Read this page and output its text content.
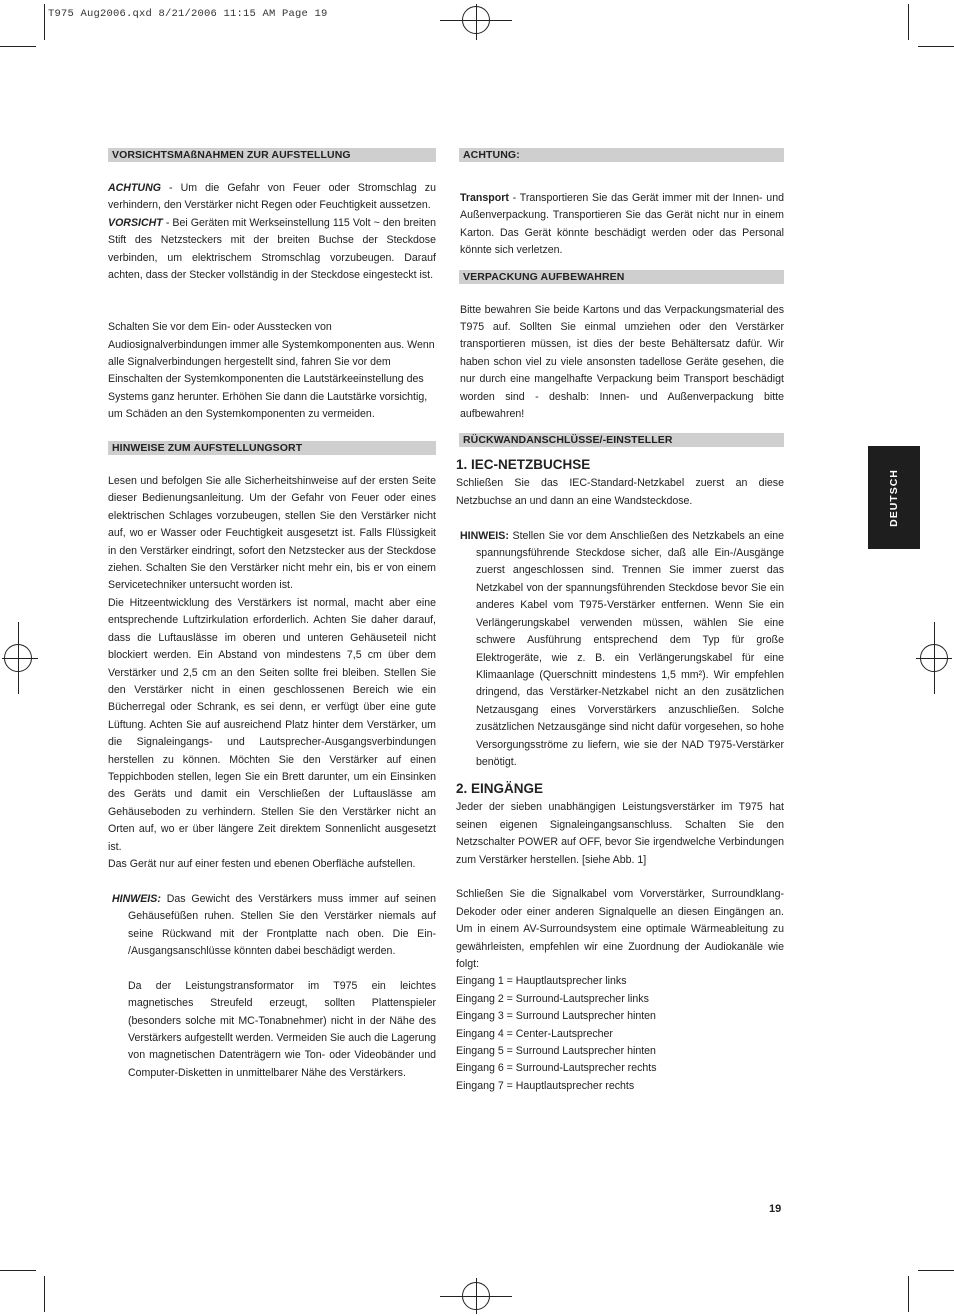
T975 Aug2006.qxd 8/21/2006 11:15 AM Page 19
VORSICHTSMAßNAHMEN ZUR AUFSTELLUNG

ACHTUNG - Um die Gefahr von Feuer oder Stromschlag zu verhindern, den Verstärker nicht Regen oder Feuchtigkeit aussetzen.

VORSICHT - Bei Geräten mit Werkseinstellung 115 Volt ~ den breiten Stift des Netzsteckers mit der breiten Buchse der Steckdose verbinden, um elektrischem Stromschlag vorzubeugen. Darauf achten, dass der Stecker vollständig in der Steckdose eingesteckt ist.

Schalten Sie vor dem Ein- oder Ausstecken von Audiosignalverbindungen immer alle Systemkomponenten aus. Wenn alle Signalverbindungen hergestellt sind, fahren Sie vor dem Einschalten der Systemkomponenten die Lautstärkeeinstellung des Systems ganz herunter. Erhöhen Sie dann die Lautstärke vorsichtig, um Schäden an den Systemkomponenten zu vermeiden.

HINWEISE ZUM AUFSTELLUNGSORT

Lesen und befolgen Sie alle Sicherheitshinweise auf der ersten Seite dieser Bedienungsanleitung. Um der Gefahr von Feuer oder eines elektrischen Schlages vorzubeugen, stellen Sie den Verstärker nicht auf, wo er Wasser oder Feuchtigkeit ausgesetzt ist. Falls Flüssigkeit in den Verstärker eindringt, sofort den Netzstecker aus der Steckdose ziehen. Schalten Sie den Verstärker nicht mehr ein, bis er von einem Servicetechniker untersucht worden ist.

Die Hitzeentwicklung des Verstärkers ist normal, macht aber eine entsprechende Luftzirkulation erforderlich. Achten Sie daher darauf, dass die Luftauslässe im oberen und unteren Gehäuseteil nicht blockiert werden. Ein Abstand von mindestens 7,5 cm über dem Verstärker und 2,5 cm an den Seiten sollte frei bleiben. Stellen Sie den Verstärker nicht in einen geschlossenen Bereich wie ein Bücherregal oder Schrank, es sei denn, er verfügt über eine gute Lüftung. Achten Sie auf ausreichend Platz hinter dem Verstärker, um die Signaleingangs- und Lautsprecher-Ausgangsverbindungen herstellen zu können. Möchten Sie den Verstärker auf einen Teppichboden stellen, legen Sie ein Brett darunter, um ein Einsinken des Geräts und damit ein Verschließen der Luftauslässe am Gehäuseboden zu verhindern. Stellen Sie den Verstärker nicht an Orten auf, wo er über längere Zeit direktem Sonnenlicht ausgesetzt ist.

Das Gerät nur auf einer festen und ebenen Oberfläche aufstellen.

HINWEIS: Das Gewicht des Verstärkers muss immer auf seinen Gehäusefüßen ruhen. Stellen Sie den Verstärker niemals auf seine Rückwand mit der Frontplatte nach oben. Die Ein- /Ausgangsanschlüsse könnten dabei beschädigt werden.

Da der Leistungstransformator im T975 ein leichtes magnetisches Streufeld erzeugt, sollten Plattenspieler (besonders solche mit MC-Tonabnehmer) nicht in der Nähe des Verstärkers aufgestellt werden. Vermeiden Sie auch die Lagerung von magnetischen Datenträgern wie Ton- oder Videobänder und Computer-Disketten in unmittelbarer Nähe des Verstärkers.

ACHTUNG:

Transport - Transportieren Sie das Gerät immer mit der Innen- und Außenverpackung. Transportieren Sie das Gerät nicht nur in einem Karton. Das Gerät könnte beschädigt werden oder das Personal könnte sich verletzen.

VERPACKUNG AUFBEWAHREN

Bitte bewahren Sie beide Kartons und das Verpackungsmaterial des T975 auf. Sollten Sie einmal umziehen oder den Verstärker transportieren müssen, ist dies der beste Behältersatz dafür. Wir haben schon viel zu viele ansonsten tadellose Geräte gesehen, die nur durch eine mangelhafte Verpackung beim Transport beschädigt worden sind - deshalb: Innen- und Außenverpackung bitte aufbewahren!

RÜCKWANDANSCHLÜSSE/-EINSTELLER
1. IEC-NETZBUCHSE

Schließen Sie das IEC-Standard-Netzkabel zuerst an diese Netzbuchse an und dann an eine Wandsteckdose.

HINWEIS: Stellen Sie vor dem Anschließen des Netzkabels an eine spannungsführende Steckdose sicher, daß alle Ein-/Ausgänge zuerst angeschlossen sind. Trennen Sie immer zuerst das Netzkabel von der spannungsführenden Steckdose bevor Sie ein anderes Kabel vom T975-Verstärker entfernen. Wenn Sie ein Verlängerungskabel verwenden müssen, wählen Sie eine schwere Ausführung entsprechend dem Typ für große Elektrogeräte, wie z. B. ein Verlängerungskabel für eine Klimaanlage (Querschnitt mindestens 1,5 mm²). Wir empfehlen dringend, das Verstärker-Netzkabel nicht an den zusätzlichen Netzausgang eines Vorverstärkers anzuschließen. Solche zusätzlichen Netzausgänge sind nicht dafür vorgesehen, so hohe Versorgungsströme zu liefern, wie sie der NAD T975-Verstärker benötigt.

2. EINGÄNGE

Jeder der sieben unabhängigen Leistungsverstärker im T975 hat seinen eigenen Signaleingangsanschluss. Schalten Sie den Netzschalter POWER auf OFF, bevor Sie irgendwelche Verbindungen zum Verstärker herstellen. [siehe Abb. 1]

Schließen Sie die Signalkabel vom Vorverstärker, Surroundklang-Dekoder oder einer anderen Signalquelle an diesen Eingängen an. Um in einem AV-Surroundsystem eine optimale Wärmeableitung zu gewährleisten, empfehlen wir eine Zuordnung der Audiokanäle wie folgt:

Eingang 1 = Hauptlautsprecher links

Eingang 2 = Surround-Lautsprecher links

Eingang 3 = Surround Lautsprecher hinten

Eingang 4 = Center-Lautsprecher

Eingang 5 = Surround Lautsprecher hinten

Eingang 6 = Surround-Lautsprecher rechts

Eingang 7 = Hauptlautsprecher rechts

DEUTSCH
19
